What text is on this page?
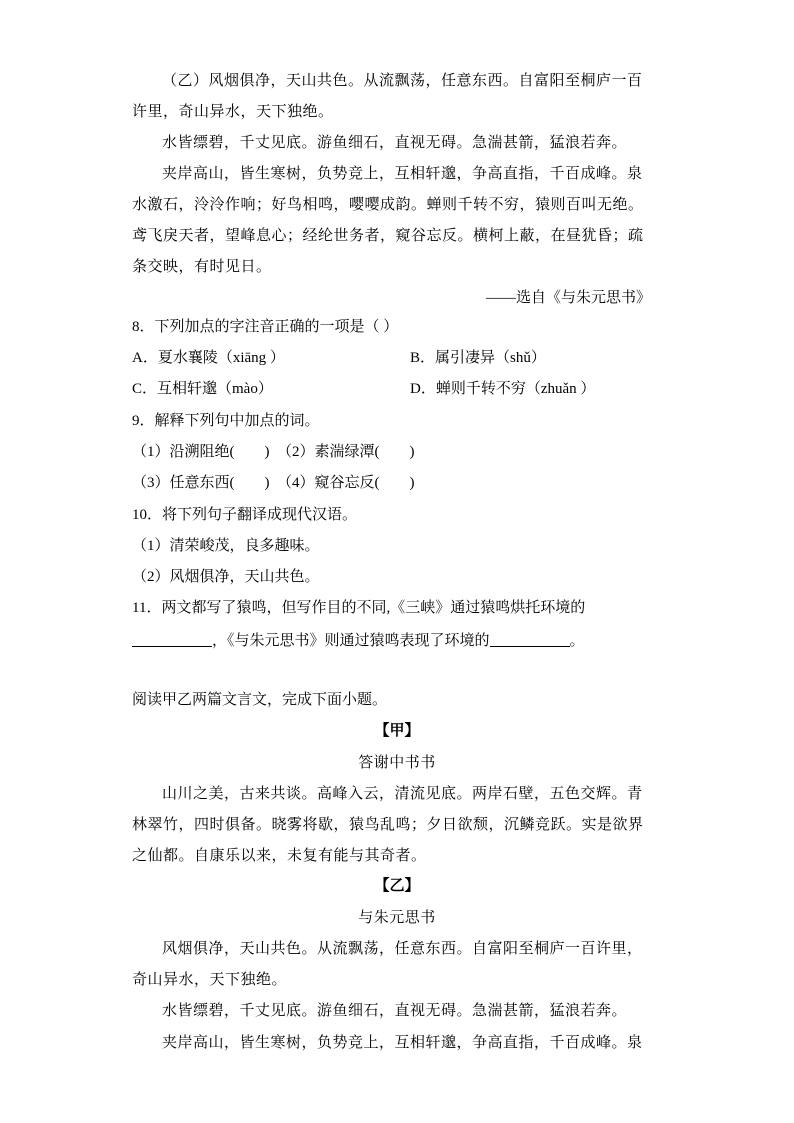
（乙）风烟俱净，天山共色。从流飘荡，任意东西。自富阳至桐庐一百
许里，奇山异水，天下独绝。
水皆缥碧，千丈见底。游鱼细石，直视无碍。急湍甚箭，猛浪若奔。
夹岸高山，皆生寒树，负势竞上，互相轩邈，争高直指，千百成峰。泉
水激石，泠泠作响；好鸟相鸣，嘤嘤成韵。蝉则千转不穷，猿则百叫无绝。
鸢飞戾天者，望峰息心；经纶世务者，窥谷忘反。横柯上蔽，在昼犹昏；疏
条交映，有时见日。
——选自《与朱元思书》
8．下列加点的字注音正确的一项是（ ）
A．夏水襄陵（xiāng ）	B．属引凄异（shǔ）
C．互相轩邈（mào）	D．蝉则千转不穷（zhuǎn ）
9．解释下列句中加点的词。
（1）沿溯阻绝(        )  （2）素湍绿潭(        )
（3）任意东西(        )  （4）窥谷忘反(        )
10．将下列句子翻译成现代汉语。
（1）清荣峻茂，良多趣味。
（2）风烟俱净，天山共色。
11．两文都写了猿鸣，但写作目的不同,《三峡》通过猿鸣烘托环境的
，《与朱元思书》则通过猿鸣表现了环境的	。
阅读甲乙两篇文言文，完成下面小题。
【甲】
答谢中书书
山川之美，古来共谈。高峰入云，清流见底。两岸石壁，五色交辉。青
林翠竹，四时俱备。晓雾将歇，猿鸟乱鸣；夕日欲颓，沉鳞竞跃。实是欲界
之仙都。自康乐以来，未复有能与其奇者。
【乙】
与朱元思书
风烟俱净，天山共色。从流飘荡，任意东西。自富阳至桐庐一百许里，
奇山异水，天下独绝。
水皆缥碧，千丈见底。游鱼细石，直视无碍。急湍甚箭，猛浪若奔。
夹岸高山，皆生寒树，负势竞上，互相轩邈，争高直指，千百成峰。泉
